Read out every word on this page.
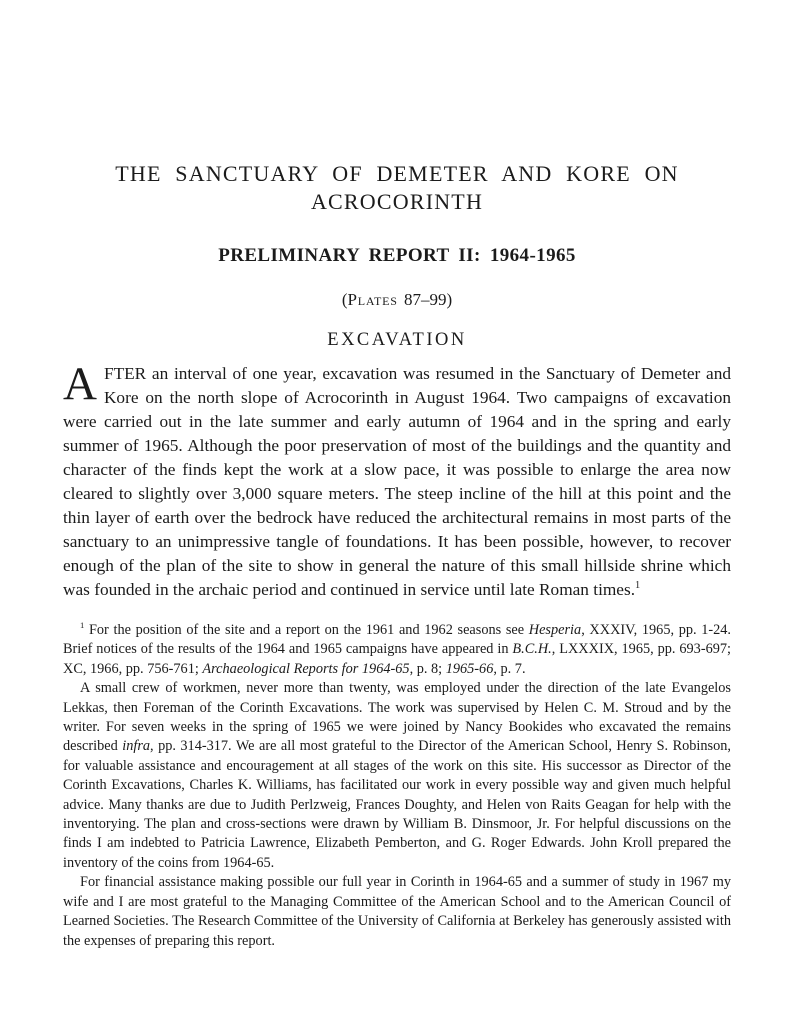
THE SANCTUARY OF DEMETER AND KORE ON
ACROCORINTH
PRELIMINARY REPORT II: 1964-1965
(Plates 87–99)
EXCAVATION

AFTER an interval of one year, excavation was resumed in the Sanctuary of Demeter and Kore on the north slope of Acrocorinth in August 1964. Two campaigns of excavation were carried out in the late summer and early autumn of 1964 and in the spring and early summer of 1965. Although the poor preservation of most of the buildings and the quantity and character of the finds kept the work at a slow pace, it was possible to enlarge the area now cleared to slightly over 3,000 square meters. The steep incline of the hill at this point and the thin layer of earth over the bedrock have reduced the architectural remains in most parts of the sanctuary to an unimpressive tangle of foundations. It has been possible, however, to recover enough of the plan of the site to show in general the nature of this small hillside shrine which was founded in the archaic period and continued in service until late Roman times.$^1$

$^1$ For the position of the site and a report on the 1961 and 1962 seasons see Hesperia, XXXIV, 1965, pp. 1-24. Brief notices of the results of the 1964 and 1965 campaigns have appeared in B.C.H., LXXXIX, 1965, pp. 693-697; XC, 1966, pp. 756-761; Archaeological Reports for 1964-65, p. 8; 1965-66, p. 7.

A small crew of workmen, never more than twenty, was employed under the direction of the late Evangelos Lekkas, then Foreman of the Corinth Excavations. The work was supervised by Helen C. M. Stroud and by the writer. For seven weeks in the spring of 1965 we were joined by Nancy Bookides who excavated the remains described infra, pp. 314-317. We are all most grateful to the Director of the American School, Henry S. Robinson, for valuable assistance and encouragement at all stages of the work on this site. His successor as Director of the Corinth Excavations, Charles K. Williams, has facilitated our work in every possible way and given much helpful advice. Many thanks are due to Judith Perlzweig, Frances Doughty, and Helen von Raits Geagan for help with the inventorying. The plan and cross-sections were drawn by William B. Dinsmoor, Jr. For helpful discussions on the finds I am indebted to Patricia Lawrence, Elizabeth Pemberton, and G. Roger Edwards. John Kroll prepared the inventory of the coins from 1964-65.

For financial assistance making possible our full year in Corinth in 1964-65 and a summer of study in 1967 my wife and I are most grateful to the Managing Committee of the American School and to the American Council of Learned Societies. The Research Committee of the University of California at Berkeley has generously assisted with the expenses of preparing this report.
